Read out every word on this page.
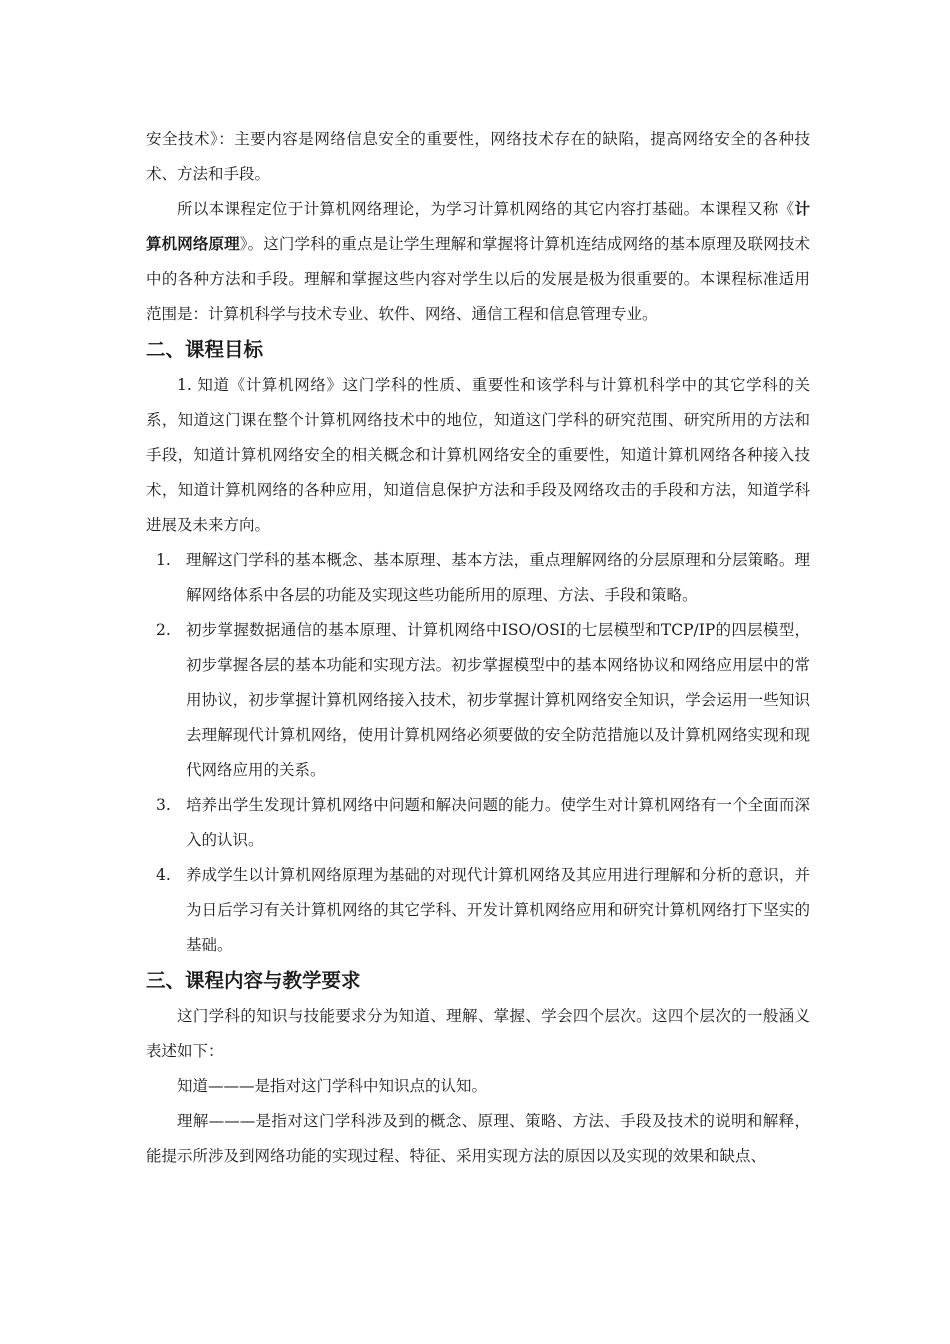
安全技术》：主要内容是网络信息安全的重要性，网络技术存在的缺陷，提高网络安全的各种技术、方法和手段。

所以本课程定位于计算机网络理论，为学习计算机网络的其它内容打基础。本课程又称《计算机网络原理》。这门学科的重点是让学生理解和掌握将计算机连结成网络的基本原理及联网技术中的各种方法和手段。理解和掌握这些内容对学生以后的发展是极为很重要的。本课程标准适用范围是：计算机科学与技术专业、软件、网络、通信工程和信息管理专业。

二、课程目标

1. 知道《计算机网络》这门学科的性质、重要性和该学科与计算机科学中的其它学科的关系，知道这门课在整个计算机网络技术中的地位，知道这门学科的研究范围、研究所用的方法和手段，知道计算机网络安全的相关概念和计算机网络安全的重要性，知道计算机网络各种接入技术，知道计算机网络的各种应用，知道信息保护方法和手段及网络攻击的手段和方法，知道学科进展及未来方向。

1. 理解这门学科的基本概念、基本原理、基本方法，重点理解网络的分层原理和分层策略。理解网络体系中各层的功能及实现这些功能所用的原理、方法、手段和策略。

2. 初步掌握数据通信的基本原理、计算机网络中ISO/OSI的七层模型和TCP/IP的四层模型，初步掌握各层的基本功能和实现方法。初步掌握模型中的基本网络协议和网络应用层中的常用协议，初步掌握计算机网络接入技术，初步掌握计算机网络安全知识，学会运用一些知识去理解现代计算机网络，使用计算机网络必须要做的安全防范措施以及计算机网络实现和现代网络应用的关系。

3. 培养出学生发现计算机网络中问题和解决问题的能力。使学生对计算机网络有一个全面而深入的认识。

4. 养成学生以计算机网络原理为基础的对现代计算机网络及其应用进行理解和分析的意识，并为日后学习有关计算机网络的其它学科、开发计算机网络应用和研究计算机网络打下坚实的基础。

三、课程内容与教学要求

这门学科的知识与技能要求分为知道、理解、掌握、学会四个层次。这四个层次的一般涵义表述如下：

知道———是指对这门学科中知识点的认知。

理解———是指对这门学科涉及到的概念、原理、策略、方法、手段及技术的说明和解释，能提示所涉及到网络功能的实现过程、特征、采用实现方法的原因以及实现的效果和缺点、
